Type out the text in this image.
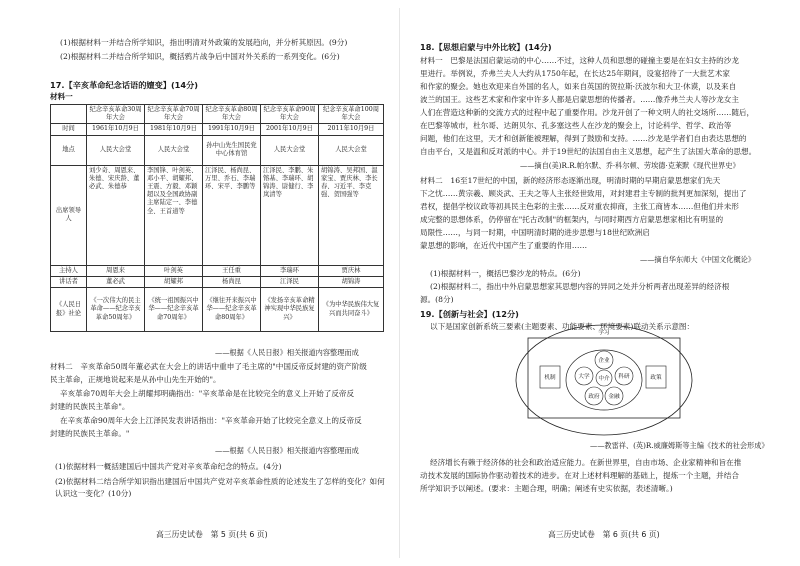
(1)根据材料一并结合所学知识，指出明清对外政策的发展趋向，并分析其原因。(9分)
(2)根据材料二并结合所学知识，概括鸦片战争后中国对外关系的一系列变化。(6分)
17.【辛亥革命纪念话语的嬗变】(14分)
材料一
	纪念辛亥革命30周年大会	纪念辛亥革命70周年大会	纪念辛亥革命80周年大会	纪念辛亥革命90周年大会	纪念辛亥革命100周年大会
时间	1961年10月9日	1981年10月9日	1991年10月9日	2001年10月9日	2011年10月9日
地点	人民大会堂	人民大会堂	孙中山先生国民党中心体育馆	人民大会堂	人民大会堂
出席领导人	刘少奇、周恩来、朱德、宋庆龄、董必武、朱德恭	李国锋、叶剑英、邓小平、胡耀邦、王震、方毅、邓颖超以及全国政协副主席陆定一、李德全、王首道等	江泽民、杨尚昆、万里、乔石、李瑞环、宋平、李鹏等	江泽民、李鹏、朱镕基、李瑞环、胡锦涛、尉健行、李岚清等	胡锦涛、吴邦国、温家宝、贾庆林、李长春、习近平、李克强、贺国强等
主持人	周恩来	叶剑英	王任重	李瑞环	贾庆林
讲话者	董必武	胡耀邦	杨尚昆	江泽民	胡锦涛
《人民日报》社论	《一次伟大的民主革命——纪念辛亥革命50周年》	《统一祖国振兴中华——纪念辛亥革命70周年》	《继往开来振兴中华——纪念辛亥革命80周年》	《发扬辛亥革命精神实现中华民族复兴》	《为中华民族伟大复兴而共同奋斗》
——根据《人民日报》相关报道内容整理而成
材料二　辛亥革命50周年董必武在大会上的讲话中重申了毛主席的"中国反帝反封建的资产阶级
民主革命，正规地说起来是从孙中山先生开始的"。
辛亥革命70周年大会上胡耀邦明确指出："辛亥革命是在比较完全的意义上开始了反帝反
封建的民族民主革命"。
在辛亥革命90周年大会上江泽民发表讲话指出："辛亥革命开始了比较完全意义上的反帝反
封建的民族民主革命。"
——根据《人民日报》相关报道内容整理而成
(1)依据材料一概括建国后中国共产党对辛亥革命纪念的特点。(4分)
(2)依据材料二结合所学知识指出建国后中国共产党对辛亥革命性质的论述发生了怎样的变化？如何认识这一变化？(10分)
高三历史试卷　第 5 页(共 6 页)
18.【思想启蒙与中外比较】(14分)
材料一　巴黎是法国启蒙运动的中心……不过，这种人员和思想的碰撞主要是在妇女主持的沙龙
里进行。举例说，乔弗兰夫人大约从1750年起，在长达25年期间，设宴招待了一大批艺术家
和作家的聚会。她也欢迎来自外国的名人，如来自英国的贺拉斯·沃波尔和大卫·休谟，以及来自
波兰的国王。这些艺术家和作家中许多人都是启蒙思想的传播者。……像乔弗兰夫人等沙龙女主
人们在营造这种新的交流方式的过程中起了重要作用。沙龙开创了一种文明人的社交场所……随后，
在巴黎等城市，杜尔哥、达朗贝尔、孔多塞这些人在沙龙的聚会上，讨论科学、哲学、政治等
问题，他们在这里，天才和创新能被理解，得到了鼓励和支持。……沙龙是学者们自由表达思想的
自由平台，又是温和反对派的中心。并于19世纪的法国自由主义思想，起产生了法国大革命的思想。
——摘自(美)R.R.帕尔默、乔·科尔顿、劳埃德·克莱默《现代世界史》
材料二　16至17世纪的中国，新的经济形态逐渐出现，明清时期的早期启蒙思想家们先天
下之忧……黄宗羲、顾炎武、王夫之等人主张经世致用，对封建君主专制的批判更加深刻，提出了
君权，提倡学校议政等初具民主色彩的主张……反对重农抑商，主张工商皆本……但他们并未形
成完整的思想体系，仍停留在"托古改制"的框架内，与同时期西方启蒙思想家相比有明显的
局限性……，与同一时期，中国明清时期的进步思想与18世纪欧洲启
蒙思想的影响，在近代中国产生了重要的作用……
——摘自华东师大《中国文化概论》
(1)根据材料一，概括巴黎沙龙的特点。(6分)
(2)根据材料二，指出中外启蒙思想家其思想内容的异同之处并分析两者出现差异的经济根
源。(8分)
19.【创新与社会】(12分)
以下是国家创新系统三要素(主题要素、功能要素、环境要素)联动关系示意图：
学习
机制	政策
企业
大学 中介 科研
政府 金融
——教雷祥、(英)R.威廉姆斯等主编《技术的社会形成》
经济增长有赖于经济体的社会和政治适应能力。在新世界里，自由市场、企业家精神和旨在推
动技术发展的国际协作驱动着技术的进步。在对上述材料理解的基础上，提炼一个主题，并结合
所学知识予以阐述。(要求：主题合理，明确；阐述有史实依据，表述清晰。)
高三历史试卷　第 6 页(共 6 页)
